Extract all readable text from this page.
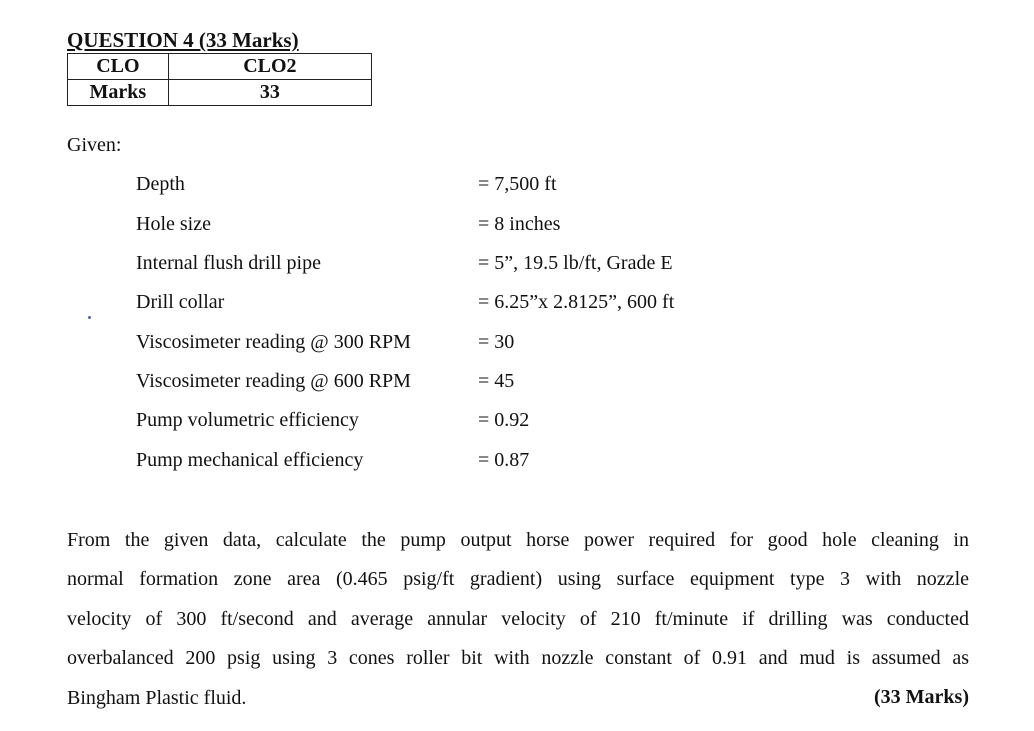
QUESTION 4 (33 Marks)
CLO	CLO2
Marks	33
Given:
Depth	= 7,500 ft
Hole size	= 8 inches
Internal flush drill pipe	= 5”, 19.5 lb/ft, Grade E
Drill collar	= 6.25”x 2.8125”, 600 ft
Viscosimeter reading @ 300 RPM	= 30
Viscosimeter reading @ 600 RPM	= 45
Pump volumetric efficiency	= 0.92
Pump mechanical efficiency	= 0.87
From the given data, calculate the pump output horse power required for good hole cleaning in
normal formation zone area (0.465 psig/ft gradient) using surface equipment type 3 with nozzle
velocity of 300 ft/second and average annular velocity of 210 ft/minute if drilling was conducted
overbalanced 200 psig using 3 cones roller bit with nozzle constant of 0.91 and mud is assumed as
Bingham Plastic fluid.	(33 Marks)
